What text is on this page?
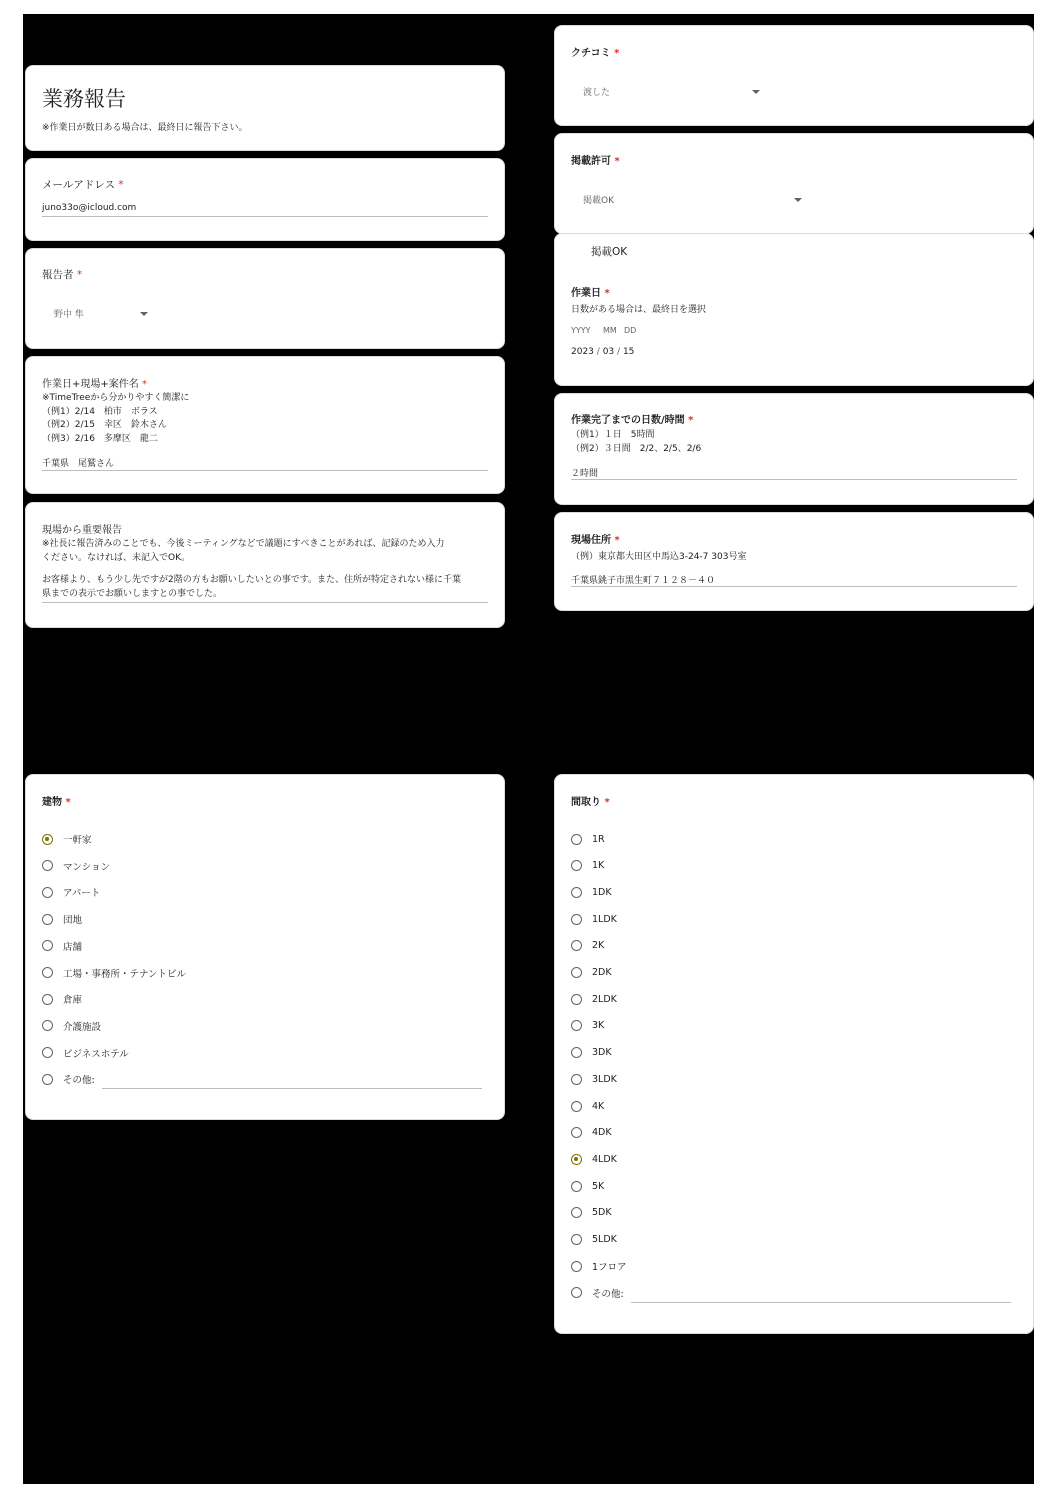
業務報告
※作業日が数日ある場合は、最終日に報告下さい。
メールアドレス *
juno33o@icloud.com
報告者 *
野中 隼
作業日+現場+案件名 *
※TimeTreeから分かりやすく簡潔に
（例1）2/14　柏市　ボラス
（例2）2/15　幸区　鈴木さん
（例3）2/16　多摩区　龍二
千葉県　尾鷲さん
現場から重要報告
※社長に報告済みのことでも、今後ミーティングなどで議題にすべきことがあれば、記録のため入力
ください。なければ、未記入でOK。
お客様より、もう少し先ですが2階の方もお願いしたいとの事です。また、住所が特定されない様に千葉
県までの表示でお願いしますとの事でした。
クチコミ *
渡した
掲載許可 *
掲載OK
掲載OK
作業日 *
日数がある場合は、最終日を選択
YYYY MM DD
2023 / 03 / 15
作業完了までの日数/時間 *
（例1）１日　5時間
（例2）３日間　2/2、2/5、2/6
２時間
現場住所 *
（例）東京都大田区中馬込3-24-7 303号室
千葉県銚子市黒生町７１２８－４０
建物 *
一軒家
マンション
アパート
団地
店舗
工場・事務所・テナントビル
倉庫
介護施設
ビジネスホテル
その他:
間取り *
1R
1K
1DK
1LDK
2K
2DK
2LDK
3K
3DK
3LDK
4K
4DK
4LDK
5K
5DK
5LDK
1フロア
その他:
